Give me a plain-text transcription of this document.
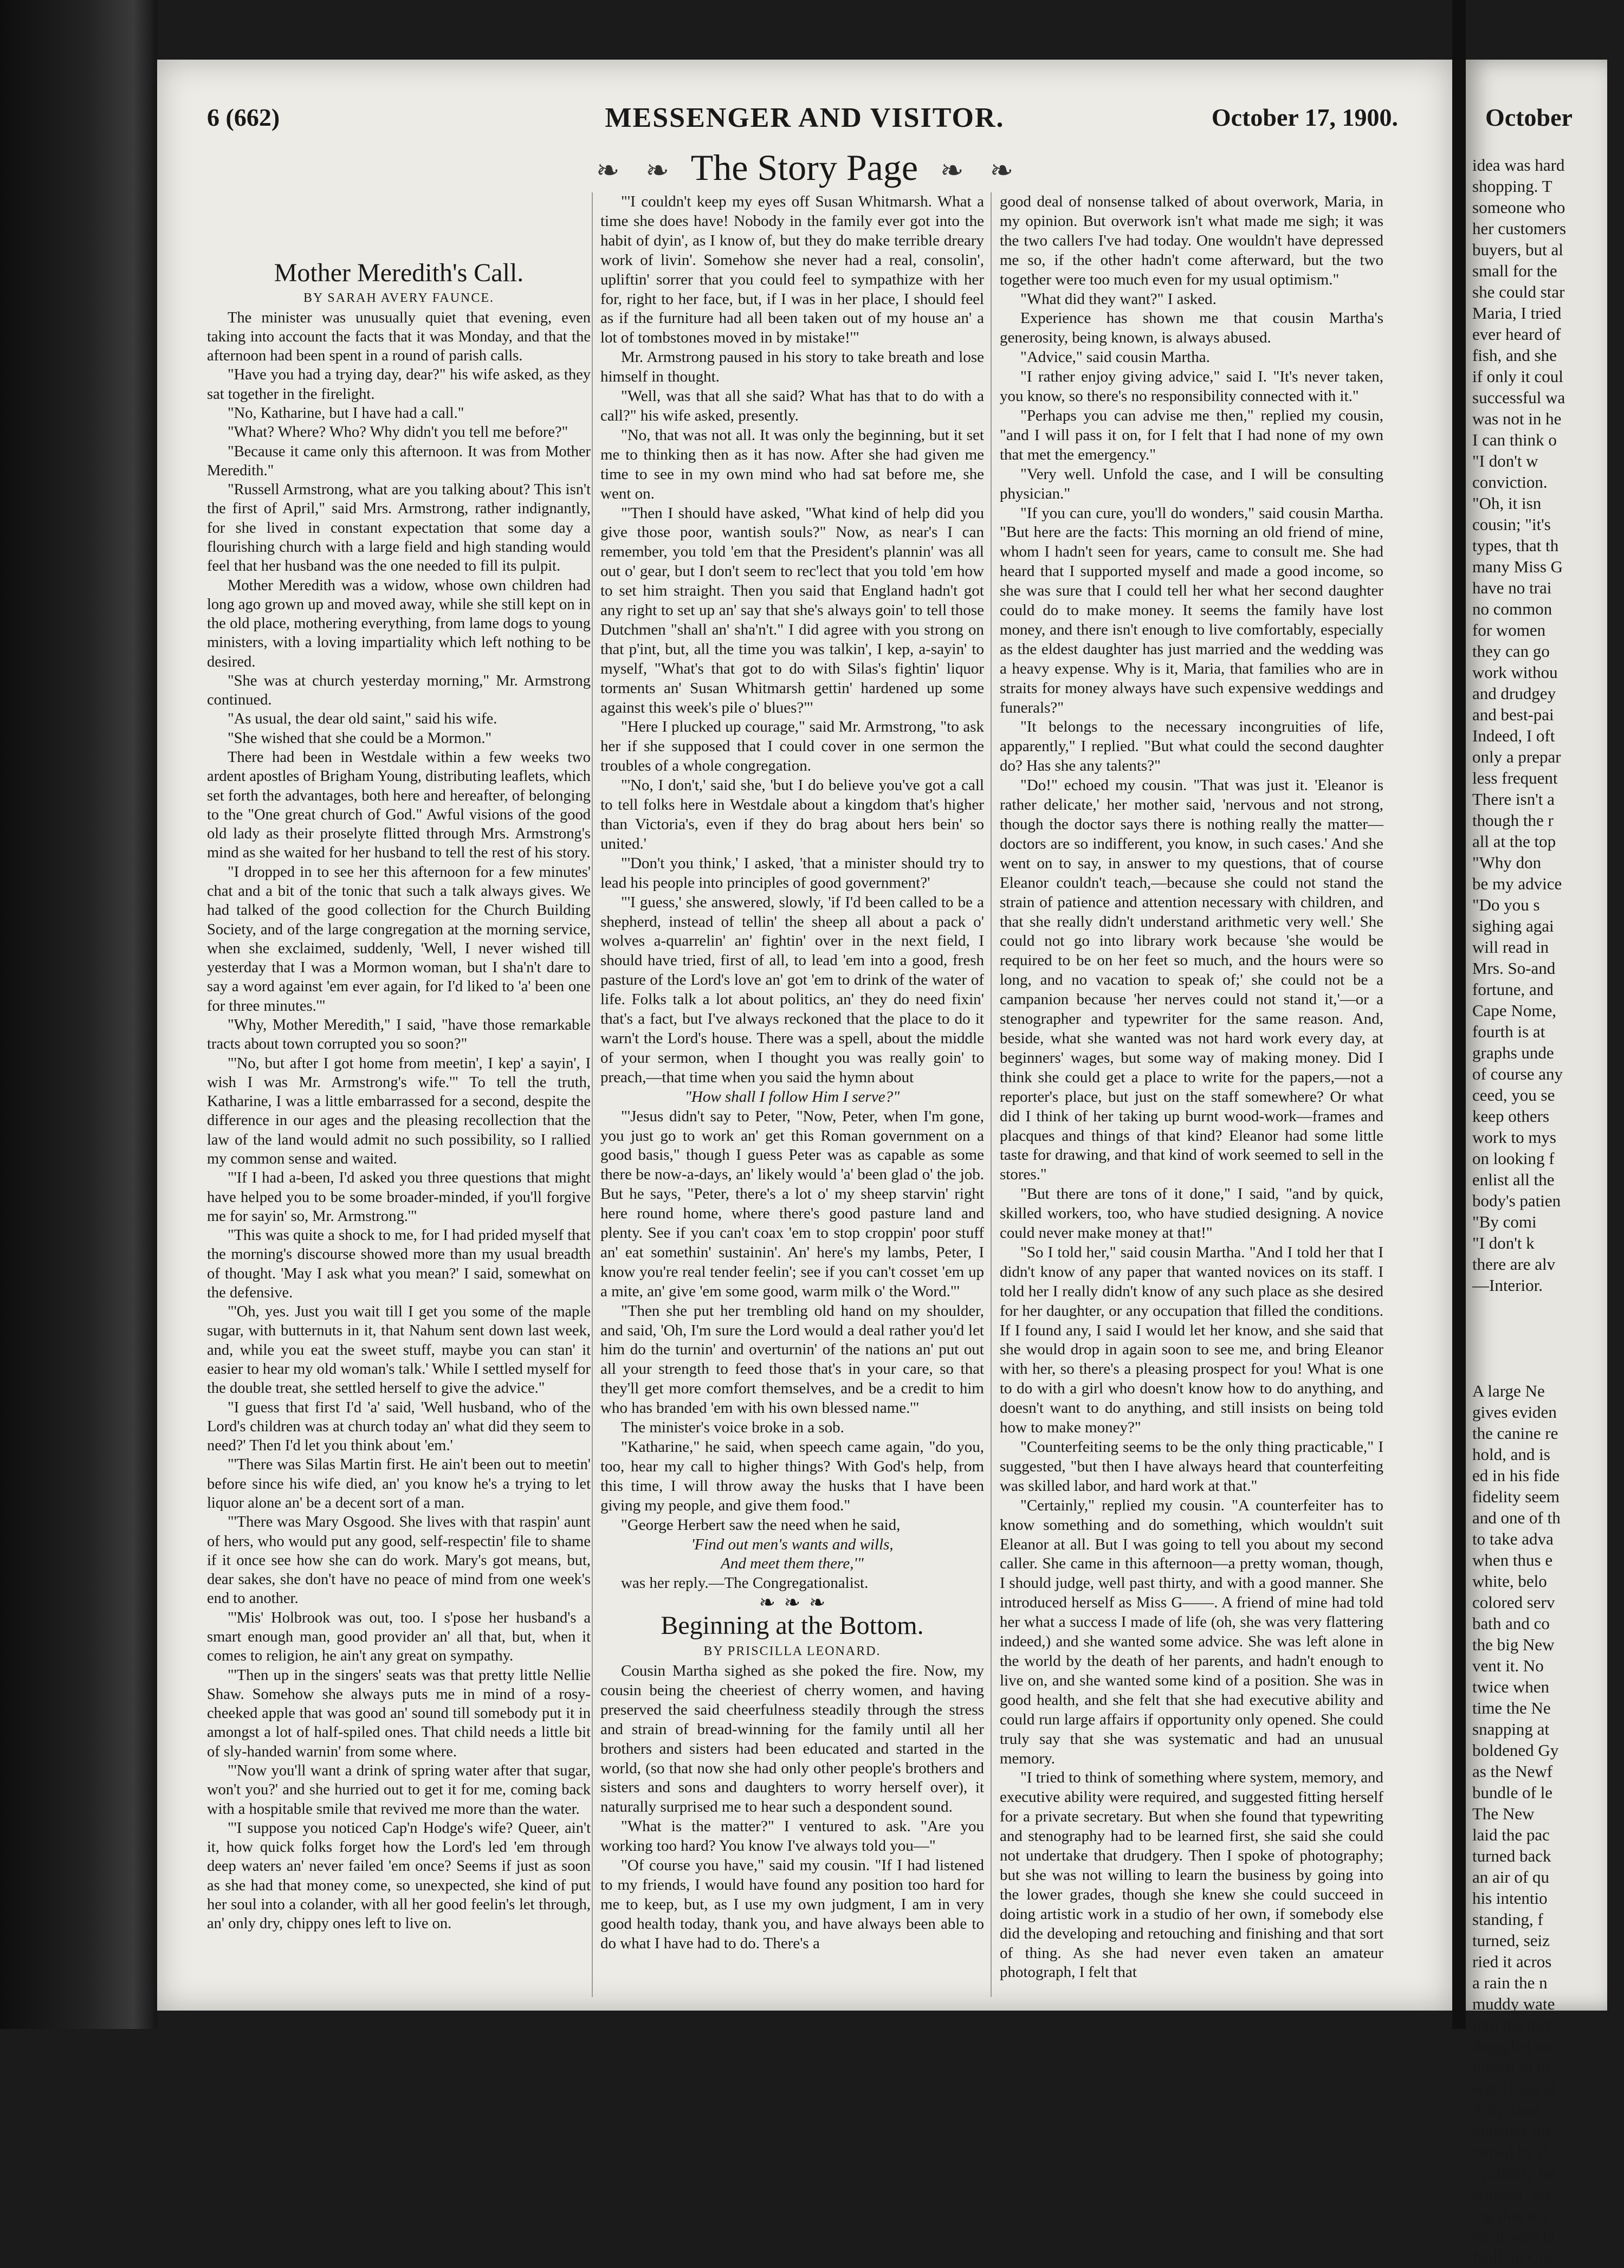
6 (662)	MESSENGER AND VISITOR.	October 17, 1900.
❧ ❧ The Story Page ❧ ❧
Mother Meredith's Call.

BY SARAH AVERY FAUNCE.

The minister was unusually quiet that evening, even taking into account the facts that it was Monday, and that the afternoon had been spent in a round of parish calls.

"Have you had a trying day, dear?" his wife asked, as they sat together in the firelight.

"No, Katharine, but I have had a call."

"What? Where? Who? Why didn't you tell me before?"

"Because it came only this afternoon. It was from Mother Meredith."

"Russell Armstrong, what are you talking about? This isn't the first of April," said Mrs. Armstrong, rather indignantly, for she lived in constant expectation that some day a flourishing church with a large field and high standing would feel that her husband was the one needed to fill its pulpit.

Mother Meredith was a widow, whose own children had long ago grown up and moved away, while she still kept on in the old place, mothering everything, from lame dogs to young ministers, with a loving impartiality which left nothing to be desired.

"She was at church yesterday morning," Mr. Armstrong continued.

"As usual, the dear old saint," said his wife.

"She wished that she could be a Mormon."

There had been in Westdale within a few weeks two ardent apostles of Brigham Young, distributing leaflets, which set forth the advantages, both here and hereafter, of belonging to the "One great church of God." Awful visions of the good old lady as their proselyte flitted through Mrs. Armstrong's mind as she waited for her husband to tell the rest of his story.

"I dropped in to see her this afternoon for a few minutes' chat and a bit of the tonic that such a talk always gives. We had talked of the good collection for the Church Building Society, and of the large congregation at the morning service, when she exclaimed, suddenly, 'Well, I never wished till yesterday that I was a Mormon woman, but I sha'n't dare to say a word against 'em ever again, for I'd liked to 'a' been one for three minutes.'"

"Why, Mother Meredith," I said, "have those remarkable tracts about town corrupted you so soon?"

"'No, but after I got home from meetin', I kep' a sayin', I wish I was Mr. Armstrong's wife.'" To tell the truth, Katharine, I was a little embarrassed for a second, despite the difference in our ages and the pleasing recollection that the law of the land would admit no such possibility, so I rallied my common sense and waited.

"'If I had a-been, I'd asked you three questions that might have helped you to be some broader-minded, if you'll forgive me for sayin' so, Mr. Armstrong.'"

"This was quite a shock to me, for I had prided myself that the morning's discourse showed more than my usual breadth of thought. 'May I ask what you mean?' I said, somewhat on the defensive.

"'Oh, yes. Just you wait till I get you some of the maple sugar, with butternuts in it, that Nahum sent down last week, and, while you eat the sweet stuff, maybe you can stan' it easier to hear my old woman's talk.' While I settled myself for the double treat, she settled herself to give the advice."

"I guess that first I'd 'a' said, 'Well husband, who of the Lord's children was at church today an' what did they seem to need?' Then I'd let you think about 'em.'

"'There was Silas Martin first. He ain't been out to meetin' before since his wife died, an' you know he's a trying to let liquor alone an' be a decent sort of a man.

"'There was Mary Osgood. She lives with that raspin' aunt of hers, who would put any good, self-respectin' file to shame if it once see how she can do work. Mary's got means, but, dear sakes, she don't have no peace of mind from one week's end to another.

"'Mis' Holbrook was out, too. I s'pose her husband's a smart enough man, good provider an' all that, but, when it comes to religion, he ain't any great on sympathy.

"'Then up in the singers' seats was that pretty little Nellie Shaw. Somehow she always puts me in mind of a rosy-cheeked apple that was good an' sound till somebody put it in amongst a lot of half-spiled ones. That child needs a little bit of sly-handed warnin' from some where.

"'Now you'll want a drink of spring water after that sugar, won't you?' and she hurried out to get it for me, coming back with a hospitable smile that revived me more than the water.

"'I suppose you noticed Cap'n Hodge's wife? Queer, ain't it, how quick folks forget how the Lord's led 'em through deep waters an' never failed 'em once? Seems if just as soon as she had that money come, so unexpected, she kind of put her soul into a colander, with all her good feelin's let through, an' only dry, chippy ones left to live on.

"'I couldn't keep my eyes off Susan Whitmarsh. What a time she does have! Nobody in the family ever got into the habit of dyin', as I know of, but they do make terrible dreary work of livin'. Somehow she never had a real, consolin', upliftin' sorrer that you could feel to sympathize with her for, right to her face, but, if I was in her place, I should feel as if the furniture had all been taken out of my house an' a lot of tombstones moved in by mistake!'"

Mr. Armstrong paused in his story to take breath and lose himself in thought.

"Well, was that all she said? What has that to do with a call?" his wife asked, presently.

"No, that was not all. It was only the beginning, but it set me to thinking then as it has now. After she had given me time to see in my own mind who had sat before me, she went on.

"'Then I should have asked, "What kind of help did you give those poor, wantish souls?" Now, as near's I can remember, you told 'em that the President's plannin' was all out o' gear, but I don't seem to rec'lect that you told 'em how to set him straight. Then you said that England hadn't got any right to set up an' say that she's always goin' to tell those Dutchmen "shall an' sha'n't." I did agree with you strong on that p'int, but, all the time you was talkin', I kep, a-sayin' to myself, "What's that got to do with Silas's fightin' liquor torments an' Susan Whitmarsh gettin' hardened up some against this week's pile o' blues?"'

"Here I plucked up courage," said Mr. Armstrong, "to ask her if she supposed that I could cover in one sermon the troubles of a whole congregation.

"'No, I don't,' said she, 'but I do believe you've got a call to tell folks here in Westdale about a kingdom that's higher than Victoria's, even if they do brag about hers bein' so united.'

"'Don't you think,' I asked, 'that a minister should try to lead his people into principles of good government?'

"'I guess,' she answered, slowly, 'if I'd been called to be a shepherd, instead of tellin' the sheep all about a pack o' wolves a-quarrelin' an' fightin' over in the next field, I should have tried, first of all, to lead 'em into a good, fresh pasture of the Lord's love an' got 'em to drink of the water of life. Folks talk a lot about politics, an' they do need fixin' that's a fact, but I've always reckoned that the place to do it warn't the Lord's house. There was a spell, about the middle of your sermon, when I thought you was really goin' to preach,—that time when you said the hymn about

"How shall I follow Him I serve?"

"'Jesus didn't say to Peter, "Now, Peter, when I'm gone, you just go to work an' get this Roman government on a good basis," though I guess Peter was as capable as some there be now-a-days, an' likely would 'a' been glad o' the job. But he says, "Peter, there's a lot o' my sheep starvin' right here round home, where there's good pasture land and plenty. See if you can't coax 'em to stop croppin' poor stuff an' eat somethin' sustainin'. An' here's my lambs, Peter, I know you're real tender feelin'; see if you can't cosset 'em up a mite, an' give 'em some good, warm milk o' the Word."'

"Then she put her trembling old hand on my shoulder, and said, 'Oh, I'm sure the Lord would a deal rather you'd let him do the turnin' and overturnin' of the nations an' put out all your strength to feed those that's in your care, so that they'll get more comfort themselves, and be a credit to him who has branded 'em with his own blessed name.'"

The minister's voice broke in a sob.

"Katharine," he said, when speech came again, "do you, too, hear my call to higher things? With God's help, from this time, I will throw away the husks that I have been giving my people, and give them food."

"George Herbert saw the need when he said,

'Find out men's wants and wills,

And meet them there,'"

was her reply.—The Congregationalist.

❧ ❧ ❧

Beginning at the Bottom.

BY PRISCILLA LEONARD.

Cousin Martha sighed as she poked the fire. Now, my cousin being the cheeriest of cherry women, and having preserved the said cheerfulness steadily through the stress and strain of bread-winning for the family until all her brothers and sisters had been educated and started in the world, (so that now she had only other people's brothers and sisters and sons and daughters to worry herself over), it naturally surprised me to hear such a despondent sound.

"What is the matter?" I ventured to ask. "Are you working too hard? You know I've always told you—"

"Of course you have," said my cousin. "If I had listened to my friends, I would have found any position too hard for me to keep, but, as I use my own judgment, I am in very good health today, thank you, and have always been able to do what I have had to do. There's a

good deal of nonsense talked of about overwork, Maria, in my opinion. But overwork isn't what made me sigh; it was the two callers I've had today. One wouldn't have depressed me so, if the other hadn't come afterward, but the two together were too much even for my usual optimism."

"What did they want?" I asked.

Experience has shown me that cousin Martha's generosity, being known, is always abused.

"Advice," said cousin Martha.

"I rather enjoy giving advice," said I. "It's never taken, you know, so there's no responsibility connected with it."

"Perhaps you can advise me then," replied my cousin, "and I will pass it on, for I felt that I had none of my own that met the emergency."

"Very well. Unfold the case, and I will be consulting physician."

"If you can cure, you'll do wonders," said cousin Martha. "But here are the facts: This morning an old friend of mine, whom I hadn't seen for years, came to consult me. She had heard that I supported myself and made a good income, so she was sure that I could tell her what her second daughter could do to make money. It seems the family have lost money, and there isn't enough to live comfortably, especially as the eldest daughter has just married and the wedding was a heavy expense. Why is it, Maria, that families who are in straits for money always have such expensive weddings and funerals?"

"It belongs to the necessary incongruities of life, apparently," I replied. "But what could the second daughter do? Has she any talents?"

"Do!" echoed my cousin. "That was just it. 'Eleanor is rather delicate,' her mother said, 'nervous and not strong, though the doctor says there is nothing really the matter—doctors are so indifferent, you know, in such cases.' And she went on to say, in answer to my questions, that of course Eleanor couldn't teach,—because she could not stand the strain of patience and attention necessary with children, and that she really didn't understand arithmetic very well.' She could not go into library work because 'she would be required to be on her feet so much, and the hours were so long, and no vacation to speak of;' she could not be a campanion because 'her nerves could not stand it,'—or a stenographer and typewriter for the same reason. And, beside, what she wanted was not hard work every day, at beginners' wages, but some way of making money. Did I think she could get a place to write for the papers,—not a reporter's place, but just on the staff somewhere? Or what did I think of her taking up burnt wood-work—frames and placques and things of that kind? Eleanor had some little taste for drawing, and that kind of work seemed to sell in the stores."

"But there are tons of it done," I said, "and by quick, skilled workers, too, who have studied designing. A novice could never make money at that!"

"So I told her," said cousin Martha. "And I told her that I didn't know of any paper that wanted novices on its staff. I told her I really didn't know of any such place as she desired for her daughter, or any occupation that filled the conditions. If I found any, I said I would let her know, and she said that she would drop in again soon to see me, and bring Eleanor with her, so there's a pleasing prospect for you! What is one to do with a girl who doesn't know how to do anything, and doesn't want to do anything, and still insists on being told how to make money?"

"Counterfeiting seems to be the only thing practicable," I suggested, "but then I have always heard that counterfeiting was skilled labor, and hard work at that."

"Certainly," replied my cousin. "A counterfeiter has to know something and do something, which wouldn't suit Eleanor at all. But I was going to tell you about my second caller. She came in this afternoon—a pretty woman, though, I should judge, well past thirty, and with a good manner. She introduced herself as Miss G——. A friend of mine had told her what a success I made of life (oh, she was very flattering indeed,) and she wanted some advice. She was left alone in the world by the death of her parents, and hadn't enough to live on, and she wanted some kind of a position. She was in good health, and she felt that she had executive ability and could run large affairs if opportunity only opened. She could truly say that she was systematic and had an unusual memory.

"I tried to think of something where system, memory, and executive ability were required, and suggested fitting herself for a private secretary. But when she found that typewriting and stenography had to be learned first, she said she could not undertake that drudgery. Then I spoke of photography; but she was not willing to learn the business by going into the lower grades, though she knew she could succeed in doing artistic work in a studio of her own, if somebody else did the developing and retouching and finishing and that sort of thing. As she had never even taken an amateur photograph, I felt that

October
idea was hard
shopping. T
someone who
her customers
buyers, but al
small for the
she could star
Maria, I tried
ever heard of
fish, and she
if only it coul
successful wa
was not in he
I can think o
"I don't w
conviction.
"Oh, it isn
cousin; "it's
types, that th
many Miss G
have no trai
no common
for women
they can go
work withou
and drudgey
and best-pai
Indeed, I oft
only a prepar
less frequent
There isn't a
though the r
all at the top
"Why don
be my advice
"Do you s
sighing agai
will read in
Mrs. So-and
fortune, and
Cape Nome,
fourth is at
graphs unde
of course any
ceed, you se
keep others
work to mys
on looking f
enlist all the
body's patien
"By comi
"I don't k
there are alv
—Interior.
A large Ne
gives eviden
the canine re
hold, and is
ed in his fide
fidelity seem
and one of th
to take adva
when thus e
white, belo
colored serv
bath and co
the big New
vent it. No
twice when
time the Ne
snapping at
boldened Gy
as the Newf
bundle of le
The New
laid the pac
turned back
an air of qu
his intentio
standing, f
turned, seiz
ried it acros
a rain the n
muddy wate
into the dirt
draggled an
turned to hi
ward look at
A bystand
vouches for
tained by th
evidently be
witness' ver
ing that it s
positively la
Noll, in Chi
